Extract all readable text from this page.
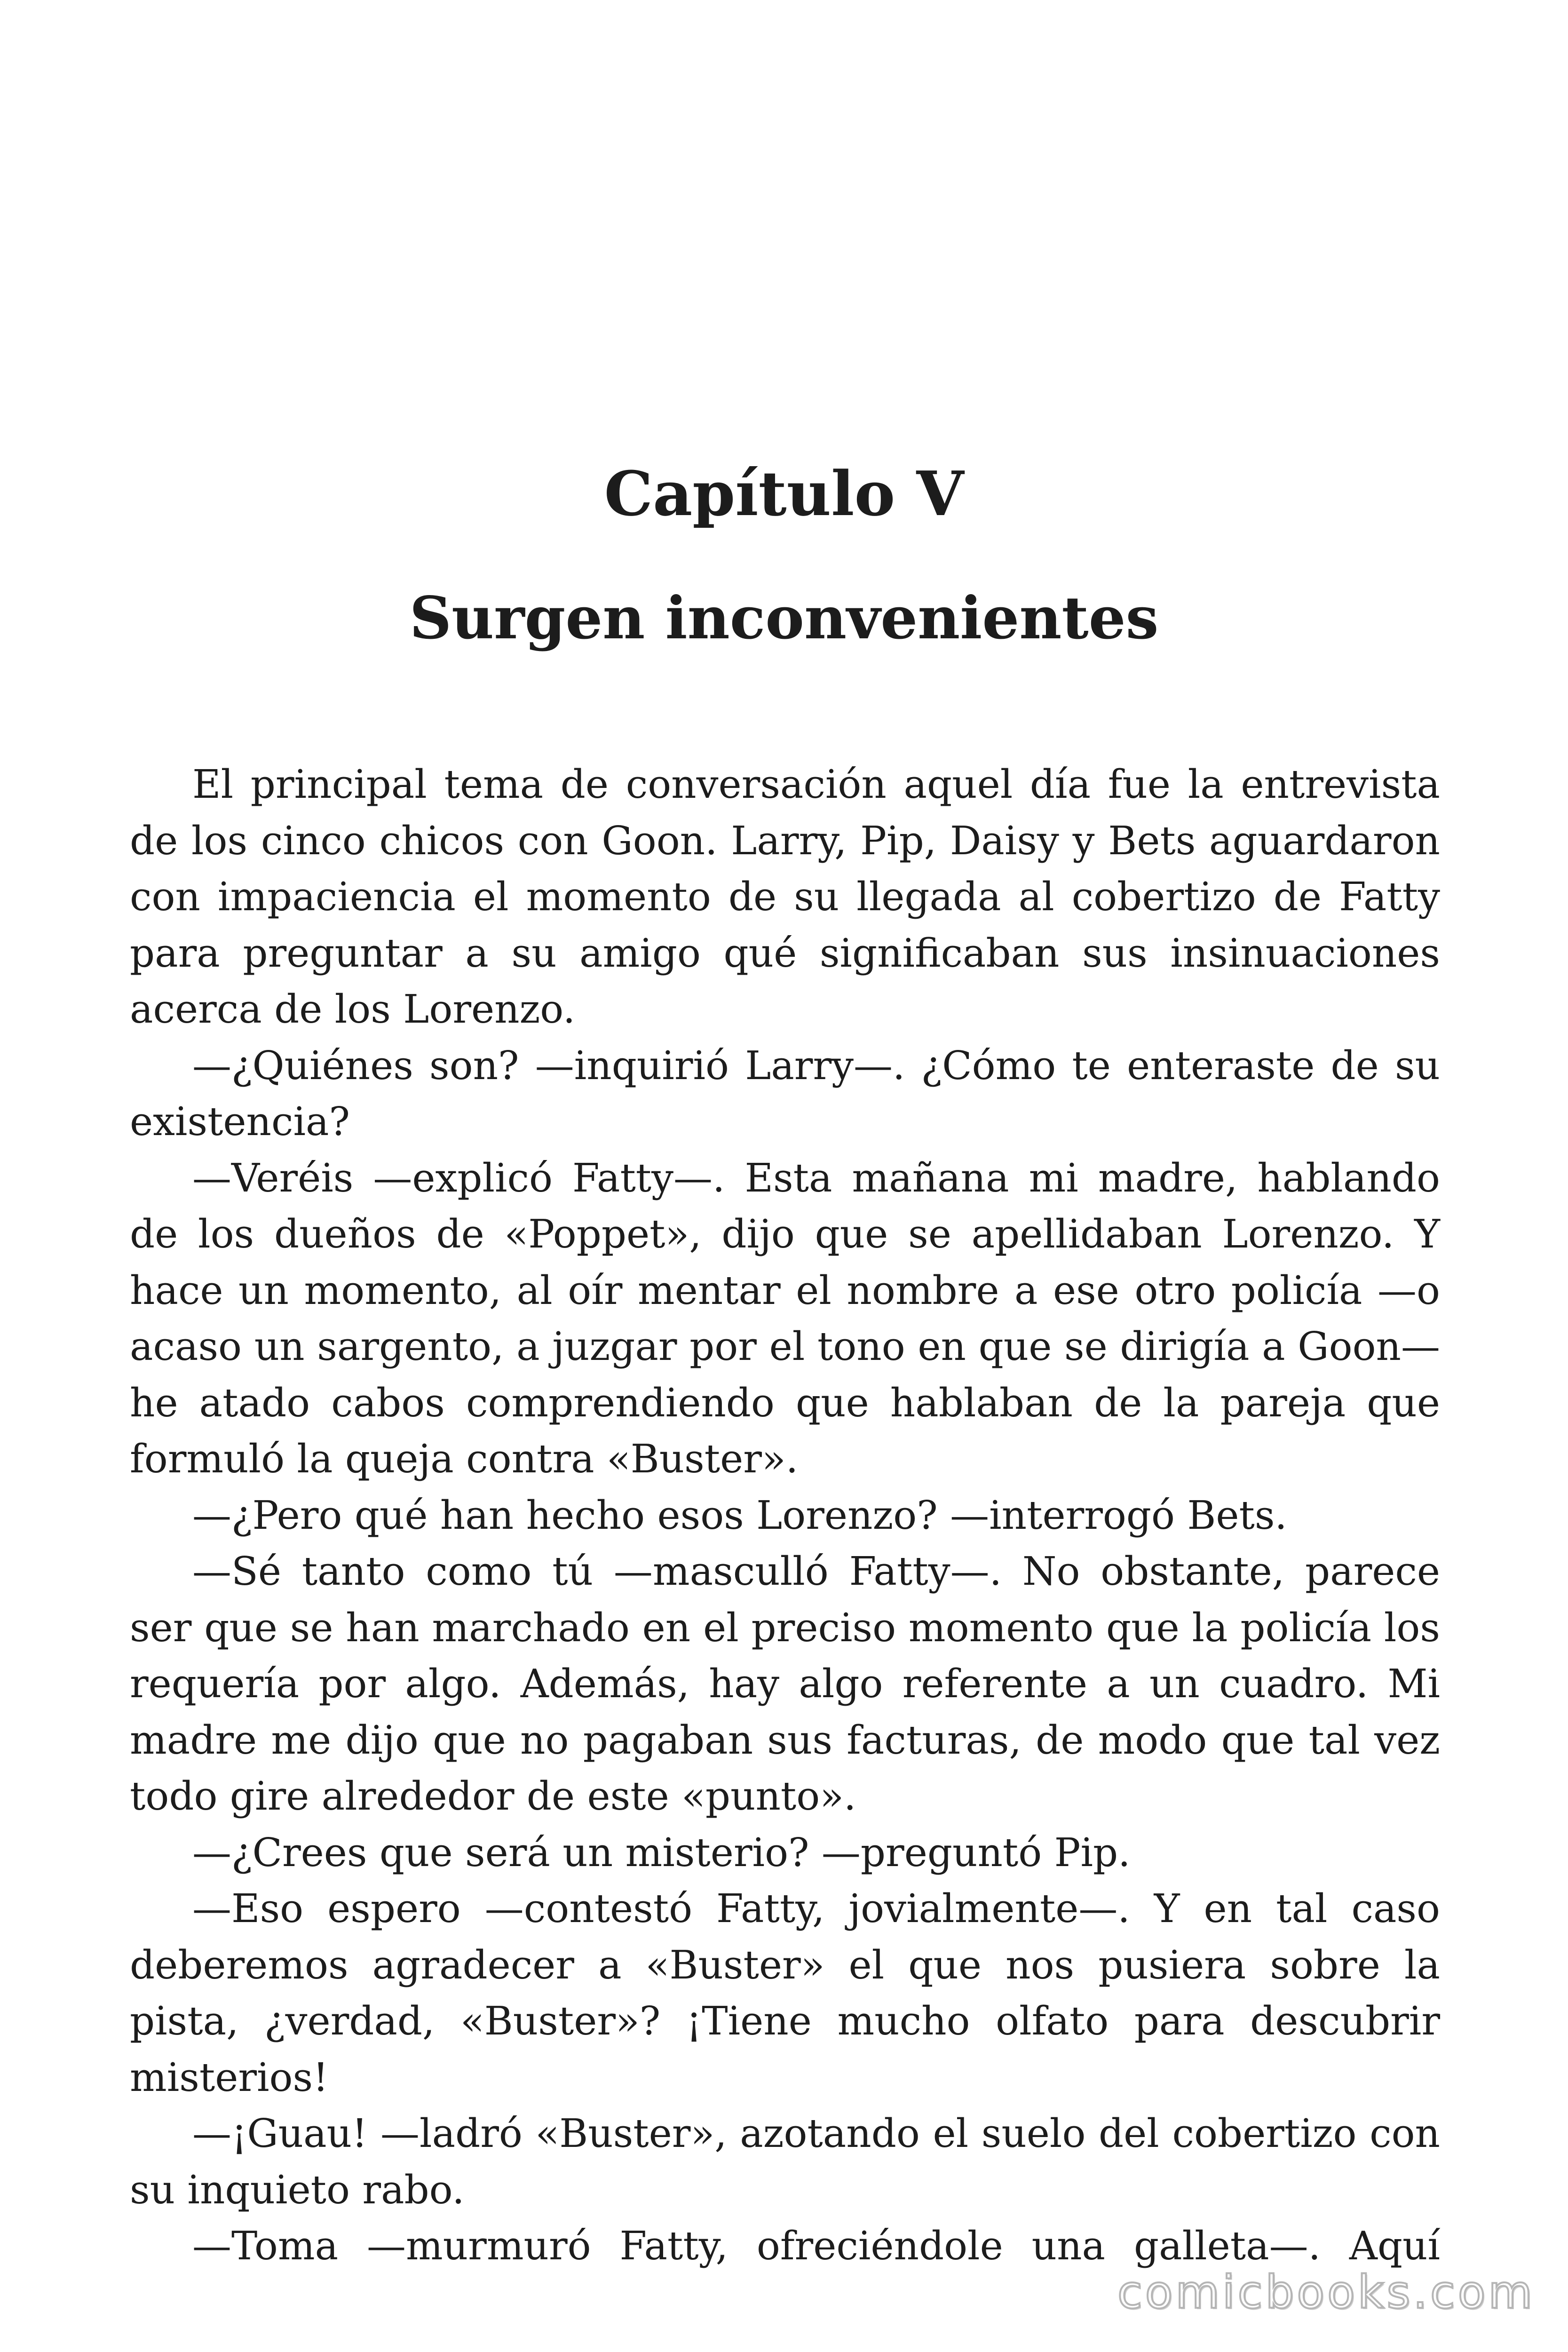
Capítulo V
Surgen inconvenientes

El principal tema de conversación aquel día fue la entrevista de los cinco chicos con Goon. Larry, Pip, Daisy y Bets aguardaron con impaciencia el momento de su llegada al cobertizo de Fatty para preguntar a su amigo qué significaban sus insinuaciones acerca de los Lorenzo.

—¿Quiénes son? —inquirió Larry—. ¿Cómo te enteraste de su existencia?

—Veréis —explicó Fatty—. Esta mañana mi madre, hablando de los dueños de «Poppet», dijo que se apellidaban Lorenzo. Y hace un momento, al oír mentar el nombre a ese otro policía —o acaso un sargento, a juzgar por el tono en que se dirigía a Goon— he atado cabos comprendiendo que hablaban de la pareja que formuló la queja contra «Buster».

—¿Pero qué han hecho esos Lorenzo? —interrogó Bets.

—Sé tanto como tú —masculló Fatty—. No obstante, parece ser que se han marchado en el preciso momento que la policía los requería por algo. Además, hay algo referente a un cuadro. Mi madre me dijo que no pagaban sus facturas, de modo que tal vez todo gire alrededor de este «punto».

—¿Crees que será un misterio? —preguntó Pip.

—Eso espero —contestó Fatty, jovialmente—. Y en tal caso deberemos agradecer a «Buster» el que nos pusiera sobre la pista, ¿verdad, «Buster»? ¡Tiene mucho olfato para descubrir misterios!

—¡Guau! —ladró «Buster», azotando el suelo del cobertizo con su inquieto rabo.

—Toma —murmuró Fatty, ofreciéndole una galleta—. Aquí

comicbooks.com
